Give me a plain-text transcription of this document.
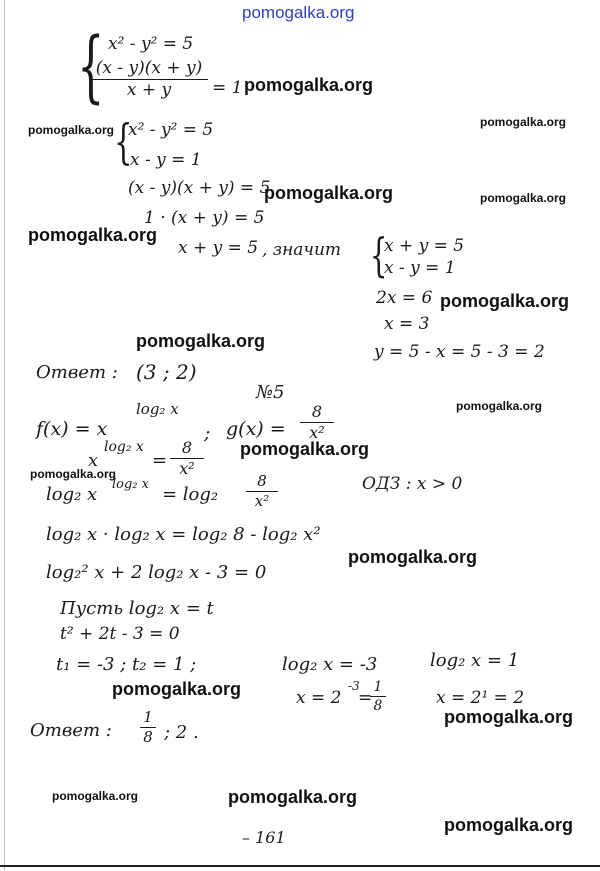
pomogalka.org
{ x² - y² = 5
(x - y)(x + y)
x + y = 1 pomogalka.org
pomogalka.org
pomogalka.org
{
x² - y² = 5
x - y = 1
(x - y)(x + y) = 5
pomogalka.org	pomogalka.org
1 · (x + y) = 5
pomogalka.org
x + y = 5 , значит {
x + y = 5
x - y = 1
2x = 6 pomogalka.org
x = 3
pomogalka.org
y = 5 - x = 5 - 3 = 2
Ответ : (3 ; 2)
№5
pomogalka.org
f(x) = x
log₂ x
; g(x) =
8
x²
x
log₂ x
=
8
x²
pomogalka.org
pomogalka.org	ОДЗ : x > 0
log₂ x log₂ x = log₂
8
x²
log₂ x · log₂ x = log₂ 8 - log₂ x²
pomogalka.org
log₂² x + 2 log₂ x - 3 = 0
Пусть log₂ x = t
t² + 2t - 3 = 0
t₁ = -3 ; t₂ = 1 ;	log₂ x = -3
x = 2
-3
=
1
8
log₂ x = 1
x = 2¹ = 2
pomogalka.org
pomogalka.org
Ответ :
1
8 ; 2 .
pomogalka.org	pomogalka.org
pomogalka.org
– 161
